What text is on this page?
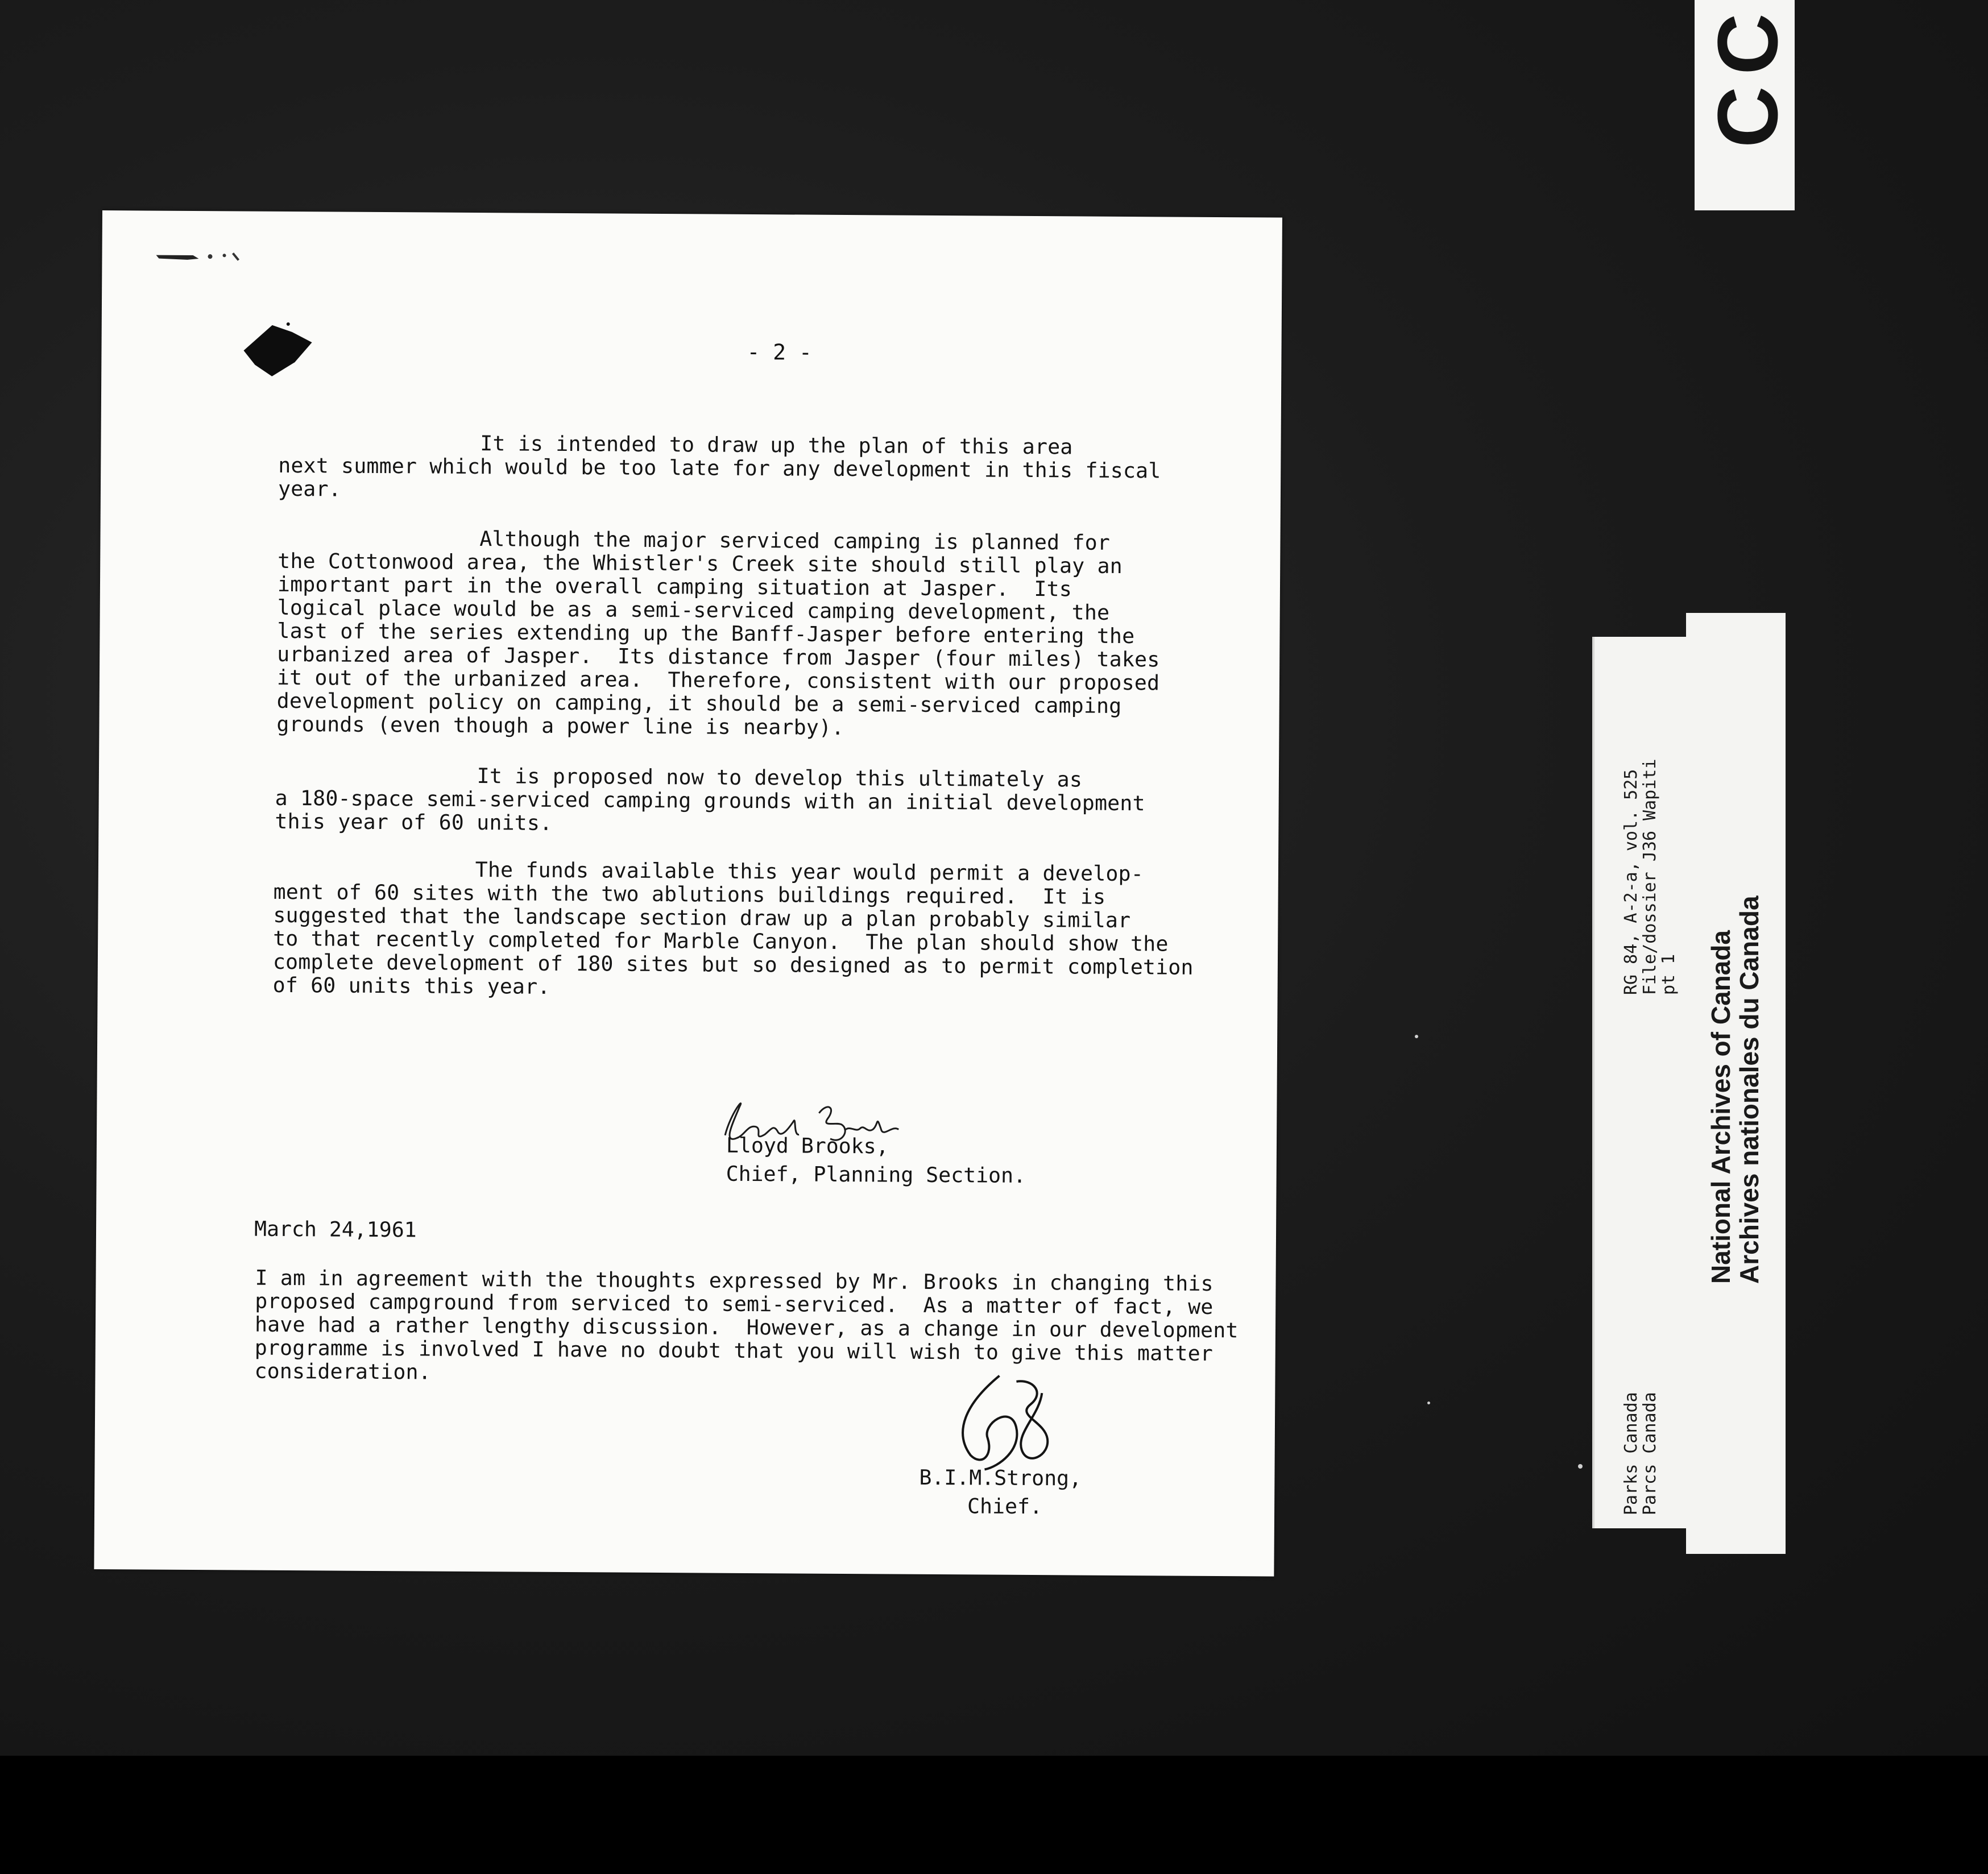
CC
- 2 -
It is intended to draw up the plan of this area
next summer which would be too late for any development in this fiscal
year.
Although the major serviced camping is planned for
the Cottonwood area, the Whistler's Creek site should still play an
important part in the overall camping situation at Jasper.  Its
logical place would be as a semi-serviced camping development, the
last of the series extending up the Banff-Jasper before entering the
urbanized area of Jasper.  Its distance from Jasper (four miles) takes
it out of the urbanized area.  Therefore, consistent with our proposed
development policy on camping, it should be a semi-serviced camping
grounds (even though a power line is nearby).
It is proposed now to develop this ultimately as
a 180-space semi-serviced camping grounds with an initial development
this year of 60 units.
The funds available this year would permit a develop-
ment of 60 sites with the two ablutions buildings required.  It is
suggested that the landscape section draw up a plan probably similar
to that recently completed for Marble Canyon.  The plan should show the
complete development of 180 sites but so designed as to permit completion
of 60 units this year.
Lloyd Brooks,
Chief, Planning Section.
March 24,1961
I am in agreement with the thoughts expressed by Mr. Brooks in changing this
proposed campground from serviced to semi-serviced.  As a matter of fact, we
have had a rather lengthy discussion.  However, as a change in our development
programme is involved I have no doubt that you will wish to give this matter
consideration.
B.I.M.Strong,
Chief.
RG 84, A-2-a, vol. 525
File/dossier J36 Wapiti
pt 1
Parks Canada
Parcs Canada
National Archives of Canada
Archives nationales du Canada
